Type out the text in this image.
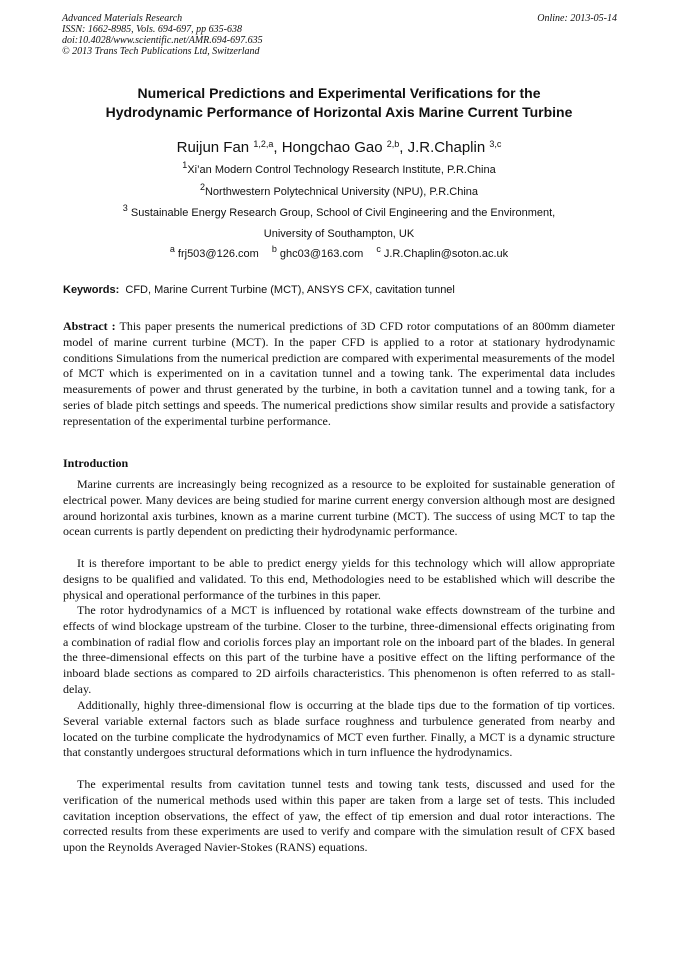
Advanced Materials Research
ISSN: 1662-8985, Vols. 694-697, pp 635-638
doi:10.4028/www.scientific.net/AMR.694-697.635
© 2013 Trans Tech Publications Ltd, Switzerland
Online: 2013-05-14
Numerical Predictions and Experimental Verifications for the
Hydrodynamic Performance of Horizontal Axis Marine Current Turbine
Ruijun Fan $^{1,2,a}$, Hongchao Gao $^{2,b}$, J.R.Chaplin $^{3,c}$
$^1$Xi’an Modern Control Technology Research Institute, P.R.China
$^2$Northwestern Polytechnical University (NPU), P.R.China
$^3$ Sustainable Energy Research Group, School of Civil Engineering and the Environment,
University of Southampton, UK
$^a$ frj503@126.com $^b$ ghc03@163.com $^c$ J.R.Chaplin@soton.ac.uk
Keywords: CFD, Marine Current Turbine (MCT), ANSYS CFX, cavitation tunnel

Abstract : This paper presents the numerical predictions of 3D CFD rotor computations of an 800mm diameter model of marine current turbine (MCT). In the paper CFD is applied to a rotor at stationary hydrodynamic conditions Simulations from the numerical prediction are compared with experimental measurements of the model of MCT which is experimented on in a cavitation tunnel and a towing tank. The experimental data includes measurements of power and thrust generated by the turbine, in both a cavitation tunnel and a towing tank, for a series of blade pitch settings and speeds. The numerical predictions show similar results and provide a satisfactory representation of the experimental turbine performance.

Introduction

Marine currents are increasingly being recognized as a resource to be exploited for sustainable generation of electrical power. Many devices are being studied for marine current energy conversion although most are designed around horizontal axis turbines, known as a marine current turbine (MCT). The success of using MCT to tap the ocean currents is partly dependent on predicting their hydrodynamic performance.

It is therefore important to be able to predict energy yields for this technology which will allow appropriate designs to be qualified and validated. To this end, Methodologies need to be established which will describe the physical and operational performance of the turbines in this paper.

The rotor hydrodynamics of a MCT is influenced by rotational wake effects downstream of the turbine and effects of wind blockage upstream of the turbine. Closer to the turbine, three-dimensional effects originating from a combination of radial flow and coriolis forces play an important role on the inboard part of the blades. In general the three-dimensional effects on this part of the turbine have a positive effect on the lifting performance of the inboard blade sections as compared to 2D airfoils characteristics. This phenomenon is often referred to as stall-delay.

Additionally, highly three-dimensional flow is occurring at the blade tips due to the formation of tip vortices. Several variable external factors such as blade surface roughness and turbulence generated from nearby and located on the turbine complicate the hydrodynamics of MCT even further. Finally, a MCT is a dynamic structure that constantly undergoes structural deformations which in turn influence the hydrodynamics.

The experimental results from cavitation tunnel tests and towing tank tests, discussed and used for the verification of the numerical methods used within this paper are taken from a large set of tests. This included cavitation inception observations, the effect of yaw, the effect of tip emersion and dual rotor interactions. The corrected results from these experiments are used to verify and compare with the simulation result of CFX based upon the Reynolds Averaged Navier-Stokes (RANS) equations.
